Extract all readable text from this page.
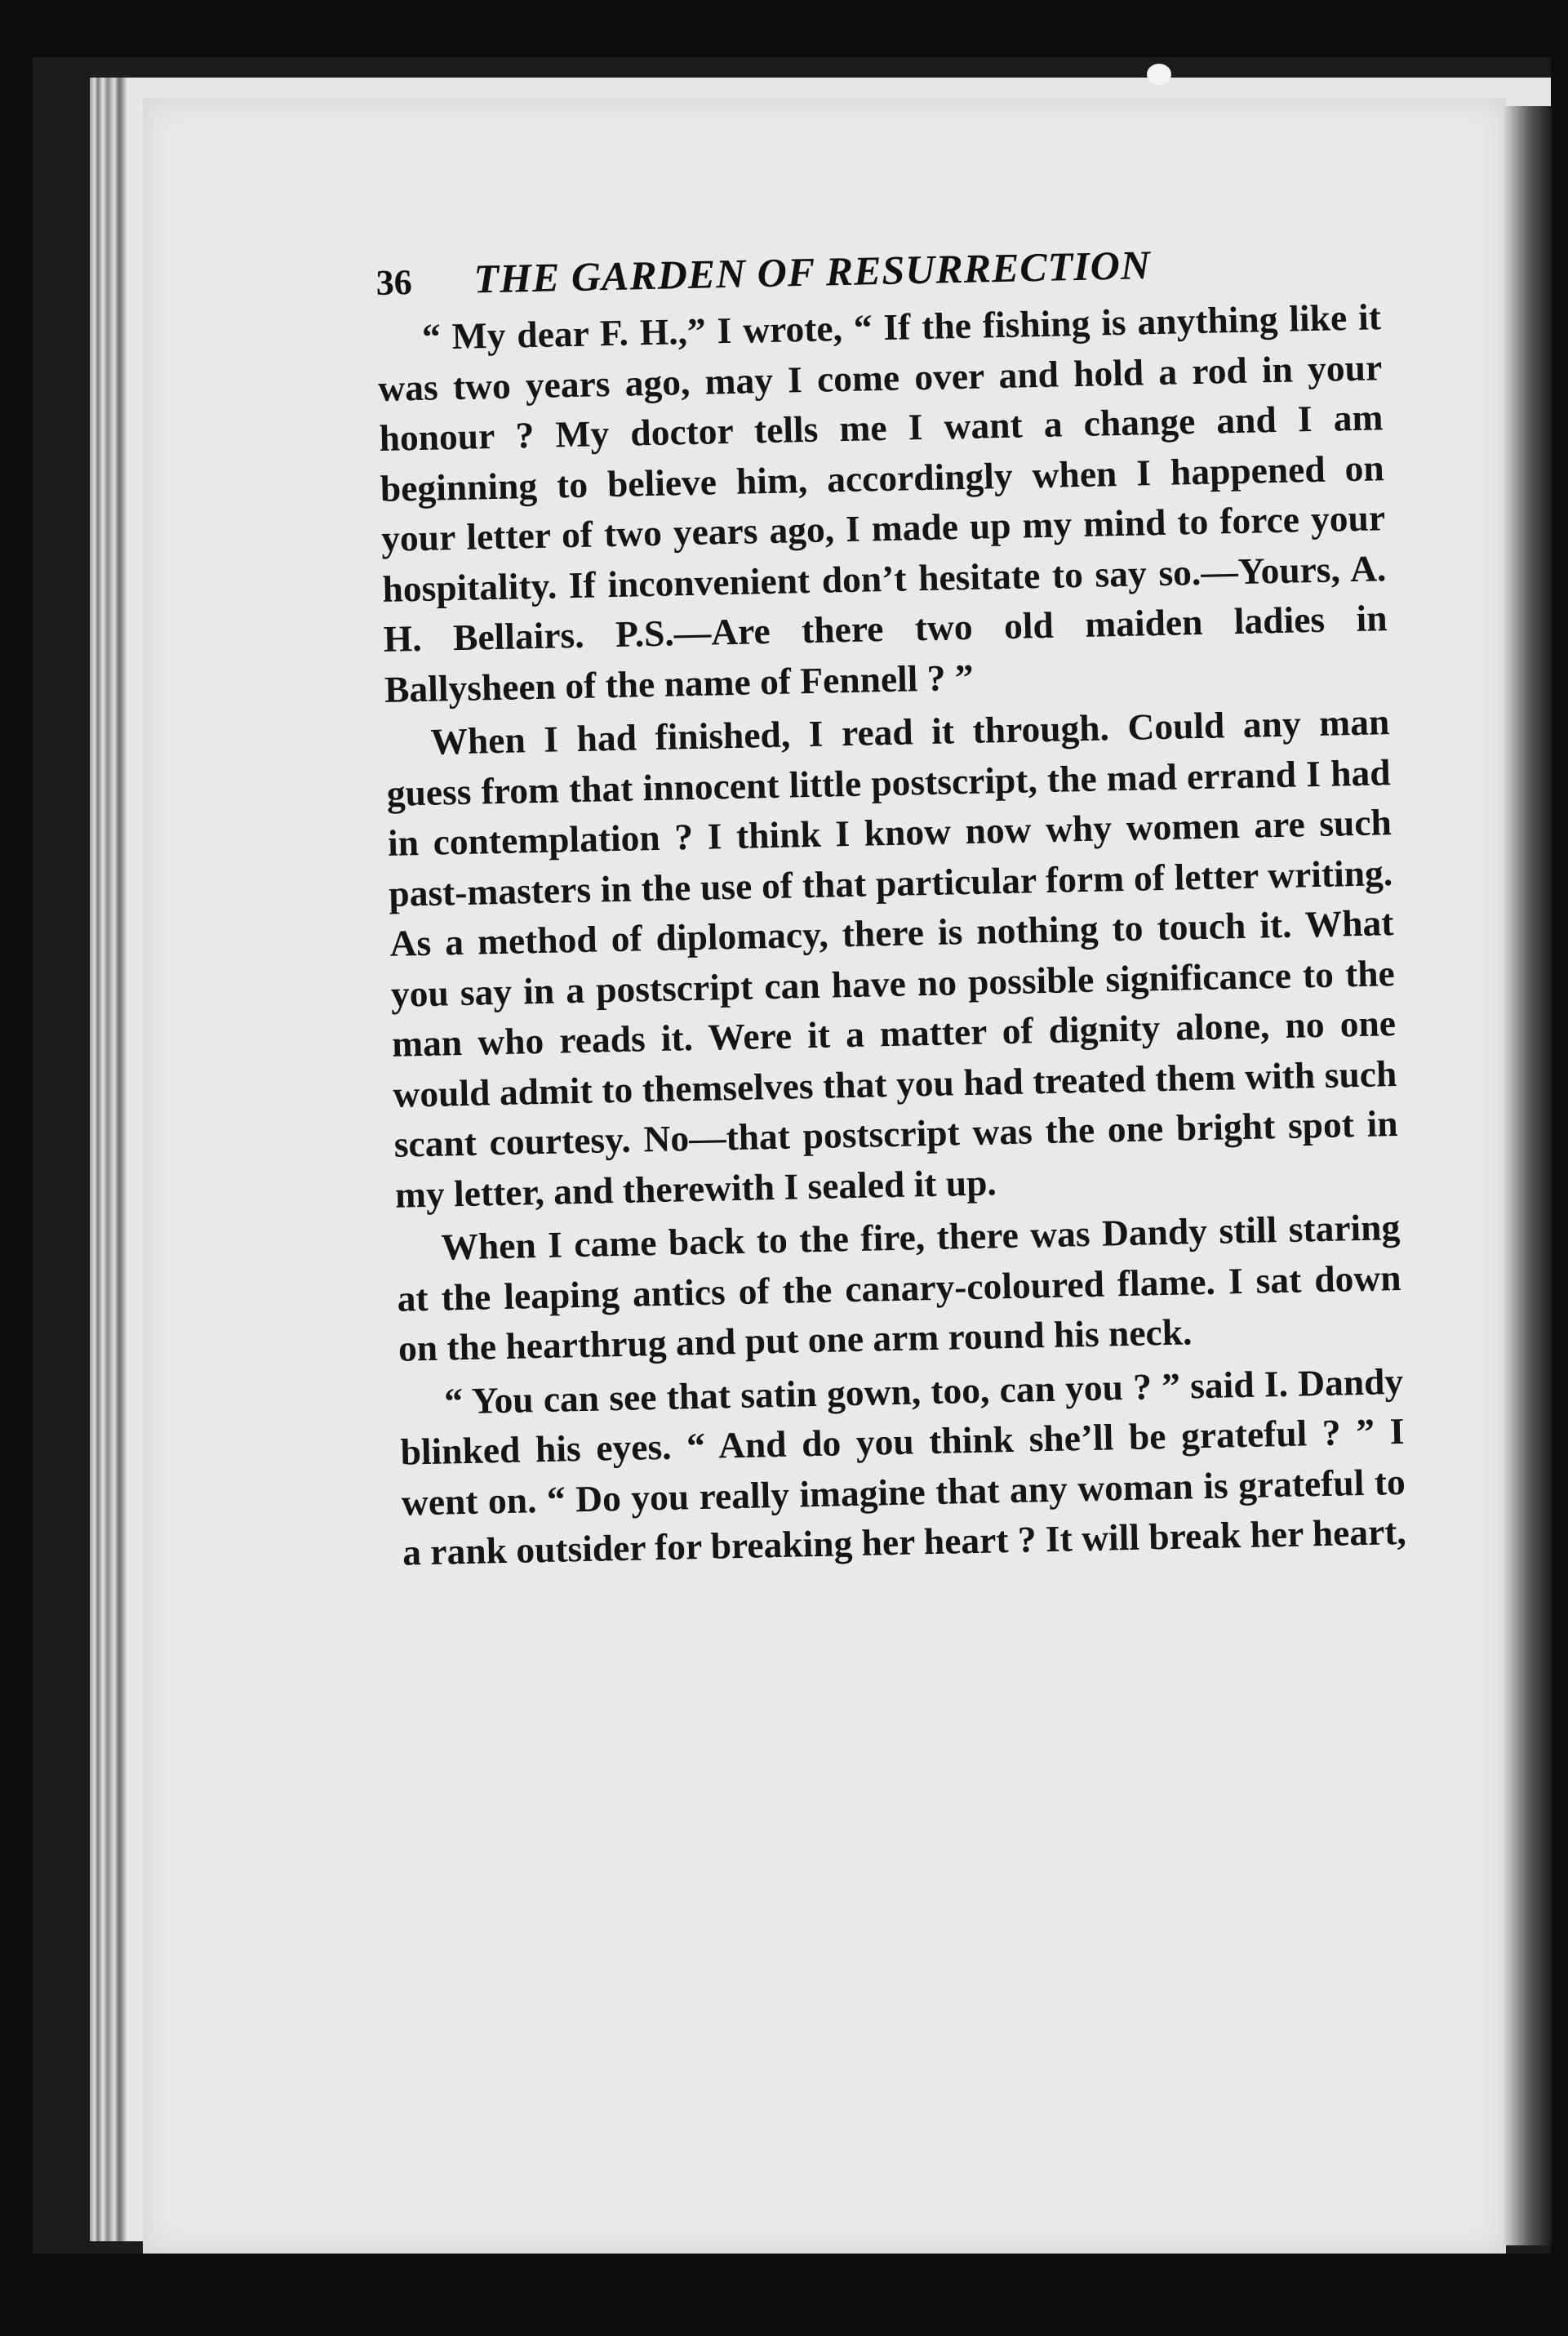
36	THE GARDEN OF RESURRECTION

“ My dear F. H.,” I wrote, “ If the fishing is anything like it was two years ago, may I come over and hold a rod in your honour ? My doctor tells me I want a change and I am beginning to believe him, accordingly when I happened on your letter of two years ago, I made up my mind to force your hospitality. If inconvenient don’t hesitate to say so.—Yours, A. H. Bellairs. P.S.—Are there two old maiden ladies in Ballysheen of the name of Fennell ? ”

When I had finished, I read it through. Could any man guess from that innocent little postscript, the mad errand I had in contemplation ? I think I know now why women are such past-masters in the use of that particular form of letter writing. As a method of diplomacy, there is nothing to touch it. What you say in a postscript can have no possible significance to the man who reads it. Were it a matter of dignity alone, no one would admit to themselves that you had treated them with such scant courtesy. No—that postscript was the one bright spot in my letter, and therewith I sealed it up.

When I came back to the fire, there was Dandy still staring at the leaping antics of the canary-coloured flame. I sat down on the hearthrug and put one arm round his neck.

“ You can see that satin gown, too, can you ? ” said I. Dandy blinked his eyes. “ And do you think she’ll be grateful ? ” I went on. “ Do you really imagine that any woman is grateful to a rank outsider for breaking her heart ? It will break her heart,
